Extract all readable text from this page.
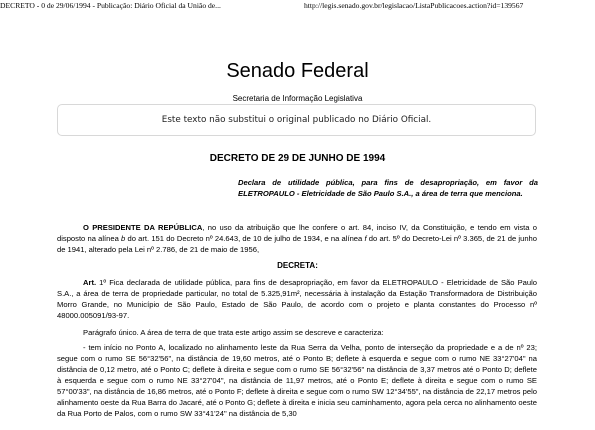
DECRETO - 0 de 29/06/1994 - Publicação: Diário Oficial da União de...	http://legis.senado.gov.br/legislacao/ListaPublicacoes.action?id=139567
Senado Federal
Secretaria de Informação Legislativa
Este texto não substitui o original publicado no Diário Oficial.
DECRETO DE 29 DE JUNHO DE 1994
Declara de utilidade pública, para fins de desapropriação, em favor da ELETROPAULO - Eletricidade de São Paulo S.A., a área de terra que menciona.
O PRESIDENTE DA REPÚBLICA, no uso da atribuição que lhe confere o art. 84, inciso IV, da Constituição, e tendo em vista o disposto na alínea b do art. 151 do Decreto nº 24.643, de 10 de julho de 1934, e na alínea f do art. 5º do Decreto-Lei nº 3.365, de 21 de junho de 1941, alterado pela Lei nº 2.786, de 21 de maio de 1956,
DECRETA:
Art. 1º Fica declarada de utilidade pública, para fins de desapropriação, em favor da ELETROPAULO - Eletricidade de São Paulo S.A., a área de terra de propriedade particular, no total de 5.325,91m², necessária à instalação da Estação Transformadora de Distribuição Morro Grande, no Município de São Paulo, Estado de São Paulo, de acordo com o projeto e planta constantes do Processo nº 48000.005091/93-97.
Parágrafo único. A área de terra de que trata este artigo assim se descreve e caracteriza:
- tem início no Ponto A, localizado no alinhamento leste da Rua Serra da Velha, ponto de interseção da propriedade e a de nº 23; segue com o rumo SE 56°32'56", na distância de 19,60 metros, até o Ponto B; deflete à esquerda e segue com o rumo NE 33°27'04" na distância de 0,12 metro, até o Ponto C; deflete à direita e segue com o rumo SE 56°32'56" na distância de 3,37 metros até o Ponto D; deflete à esquerda e segue com o rumo NE 33°27'04", na distância de 11,97 metros, até o Ponto E; deflete à direita e segue com o rumo SE 57°00'33", na distância de 16,86 metros, até o Ponto F; deflete à direita e segue com o rumo SW 12°34'55", na distância de 22,17 metros pelo alinhamento oeste da Rua Barra do Jacaré, até o Ponto G; deflete à direita e inicia seu caminhamento, agora pela cerca no alinhamento oeste da Rua Porto de Palos, com o rumo SW 33°41'24" na distância de 5,30
